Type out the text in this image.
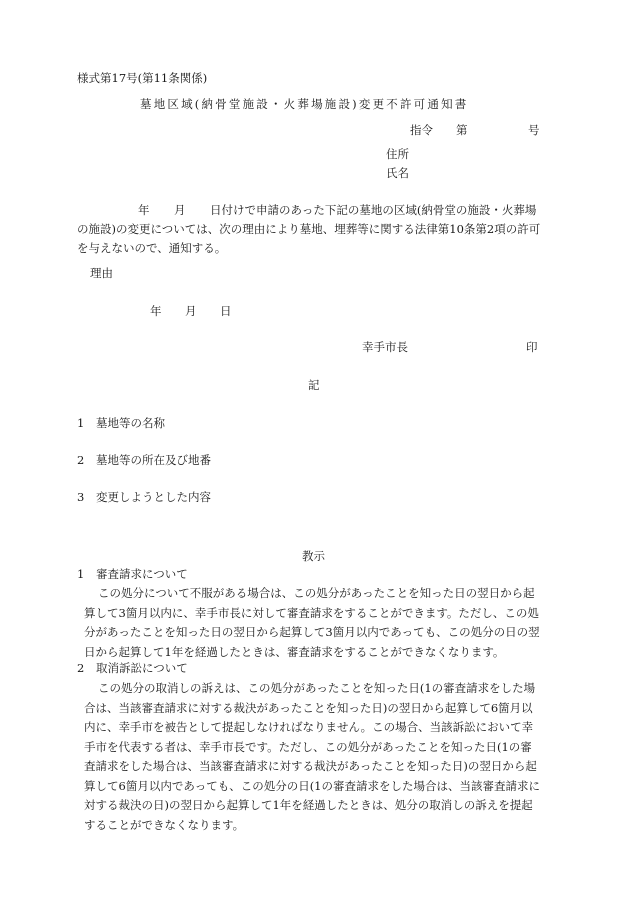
様式第17号(第11条関係)
墓地区域(納骨堂施設・火葬場施設)変更不許可通知書
指令 第	号
住所
氏名
年 月 日付けで申請のあった下記の墓地の区域(納骨堂の施設・火葬場
の施設)の変更については、次の理由により墓地、埋葬等に関する法律第10条第2項の許可
を与えないので、通知する。
理由
年 月 日
幸手市長	印
記
1 墓地等の名称
2 墓地等の所在及び地番
3 変更しようとした内容
教示
1 審査請求について
この処分について不服がある場合は、この処分があったことを知った日の翌日から起
算して3箇月以内に、幸手市長に対して審査請求をすることができます。ただし、この処
分があったことを知った日の翌日から起算して3箇月以内であっても、この処分の日の翌
日から起算して1年を経過したときは、審査請求をすることができなくなります。
2 取消訴訟について
この処分の取消しの訴えは、この処分があったことを知った日(1の審査請求をした場
合は、当該審査請求に対する裁決があったことを知った日)の翌日から起算して6箇月以
内に、幸手市を被告として提起しなければなりません。この場合、当該訴訟において幸
手市を代表する者は、幸手市長です。ただし、この処分があったことを知った日(1の審
査請求をした場合は、当該審査請求に対する裁決があったことを知った日)の翌日から起
算して6箇月以内であっても、この処分の日(1の審査請求をした場合は、当該審査請求に
対する裁決の日)の翌日から起算して1年を経過したときは、処分の取消しの訴えを提起
することができなくなります。
